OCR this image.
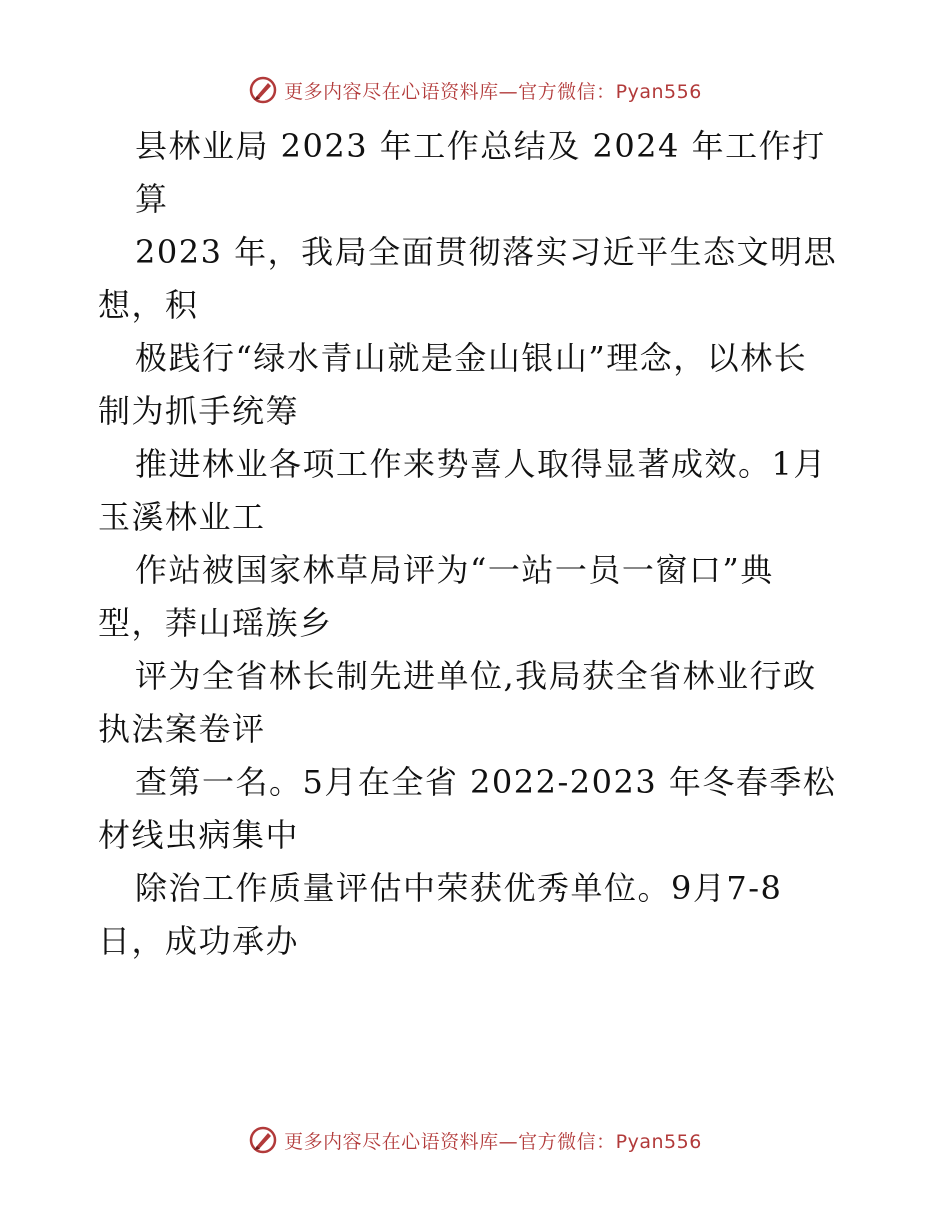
更多内容尽在心语资料库—官方微信：Pyan556
县林业局 2023 年工作总结及 2024 年工作打
算
2023 年，我局全面贯彻落实习近平生态文明思
想，积
极践行“绿水青山就是金山银山”理念，以林长
制为抓手统筹
推进林业各项工作来势喜人取得显著成效。1月
玉溪林业工
作站被国家林草局评为“一站一员一窗口”典
型，莽山瑶族乡
评为全省林长制先进单位,我局获全省林业行政
执法案卷评
查第一名。5月在全省 2022-2023 年冬春季松
材线虫病集中
除治工作质量评估中荣获优秀单位。9月7-8
日，成功承办
更多内容尽在心语资料库—官方微信：Pyan556
